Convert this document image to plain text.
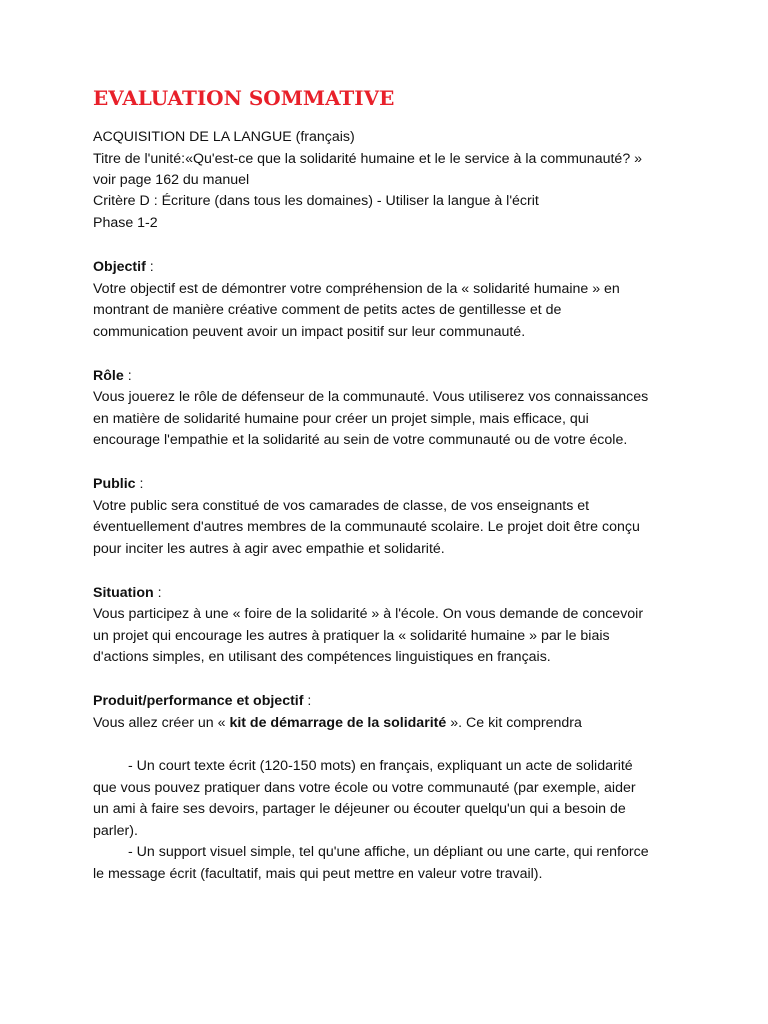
EVALUATION SOMMATIVE
ACQUISITION DE LA LANGUE (français)
Titre de l'unité:«Qu'est-ce que la solidarité humaine et le le service à la communauté? »
voir page 162 du manuel
Critère D : Écriture (dans tous les domaines) - Utiliser la langue à l'écrit
Phase 1-2
Objectif :
Votre objectif est de démontrer votre compréhension de la « solidarité humaine » en
montrant de manière créative comment de petits actes de gentillesse et de
communication peuvent avoir un impact positif sur leur communauté.
Rôle :
Vous jouerez le rôle de défenseur de la communauté. Vous utiliserez vos connaissances
en matière de solidarité humaine pour créer un projet simple, mais efficace, qui
encourage l'empathie et la solidarité au sein de votre communauté ou de votre école.
Public :
Votre public sera constitué de vos camarades de classe, de vos enseignants et
éventuellement d'autres membres de la communauté scolaire. Le projet doit être conçu
pour inciter les autres à agir avec empathie et solidarité.
Situation :
Vous participez à une « foire de la solidarité » à l'école. On vous demande de concevoir
un projet qui encourage les autres à pratiquer la « solidarité humaine » par le biais
d'actions simples, en utilisant des compétences linguistiques en français.
Produit/performance et objectif :
Vous allez créer un « kit de démarrage de la solidarité ». Ce kit comprendra
- Un court texte écrit (120-150 mots) en français, expliquant un acte de solidarité
que vous pouvez pratiquer dans votre école ou votre communauté (par exemple, aider
un ami à faire ses devoirs, partager le déjeuner ou écouter quelqu'un qui a besoin de
parler).
- Un support visuel simple, tel qu'une affiche, un dépliant ou une carte, qui renforce
le message écrit (facultatif, mais qui peut mettre en valeur votre travail).
